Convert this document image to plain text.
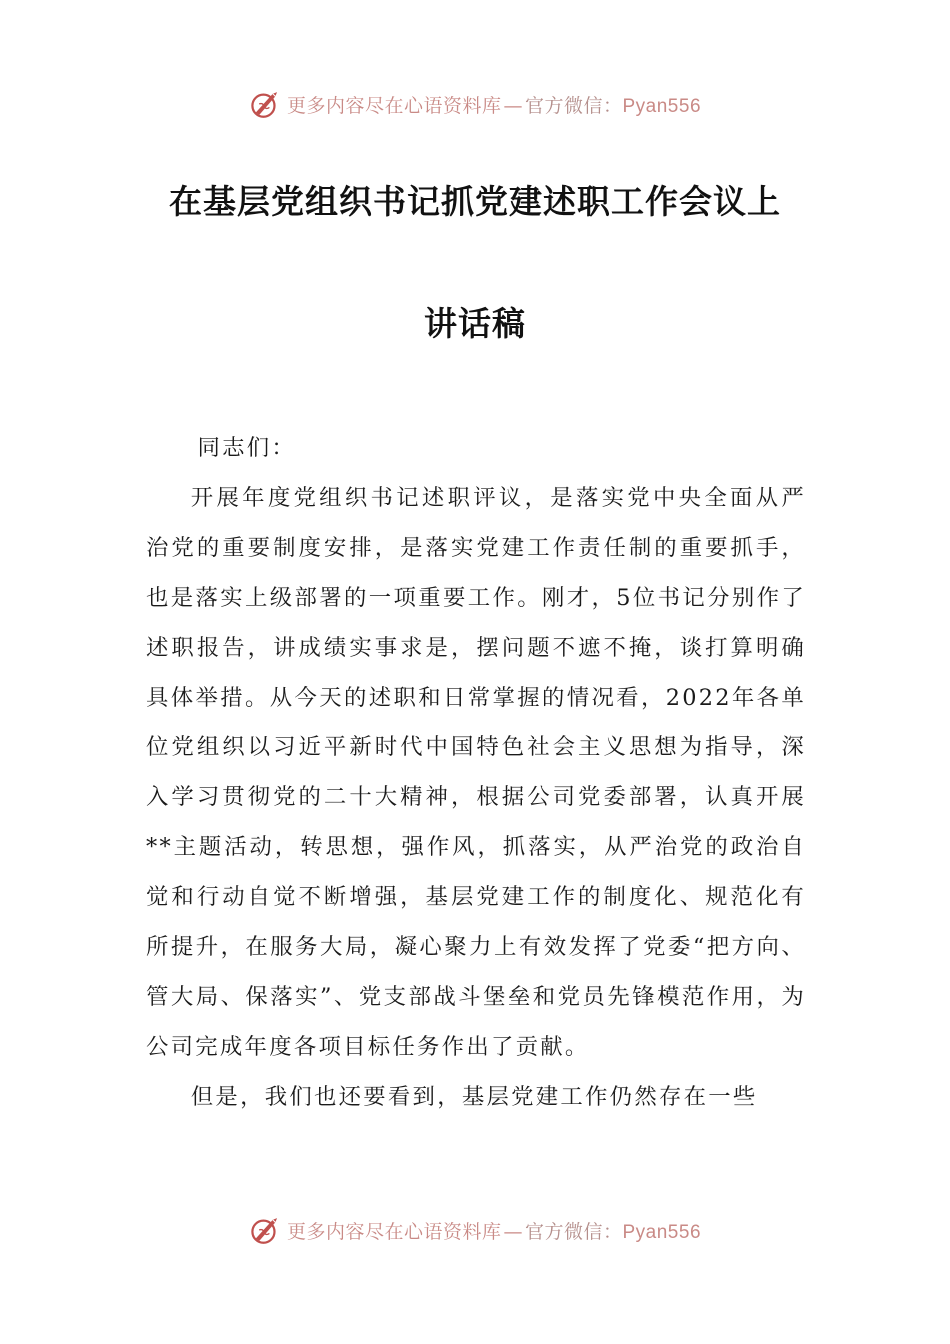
更多内容尽在心语资料库 — 官方微信：Pyan556
在基层党组织书记抓党建述职工作会议上
讲话稿

同志们：

开展年度党组织书记述职评议，是落实党中央全面从严治党的重要制度安排，是落实党建工作责任制的重要抓手，也是落实上级部署的一项重要工作。刚才，5位书记分别作了述职报告，讲成绩实事求是，摆问题不遮不掩，谈打算明确具体举措。从今天的述职和日常掌握的情况看，2022年各单位党组织以习近平新时代中国特色社会主义思想为指导，深入学习贯彻党的二十大精神，根据公司党委部署，认真开展**主题活动，转思想，强作风，抓落实，从严治党的政治自觉和行动自觉不断增强，基层党建工作的制度化、规范化有所提升，在服务大局，凝心聚力上有效发挥了党委“把方向、管大局、保落实”、党支部战斗堡垒和党员先锋模范作用，为公司完成年度各项目标任务作出了贡献。

但是，我们也还要看到，基层党建工作仍然存在一些

更多内容尽在心语资料库 — 官方微信：Pyan556
